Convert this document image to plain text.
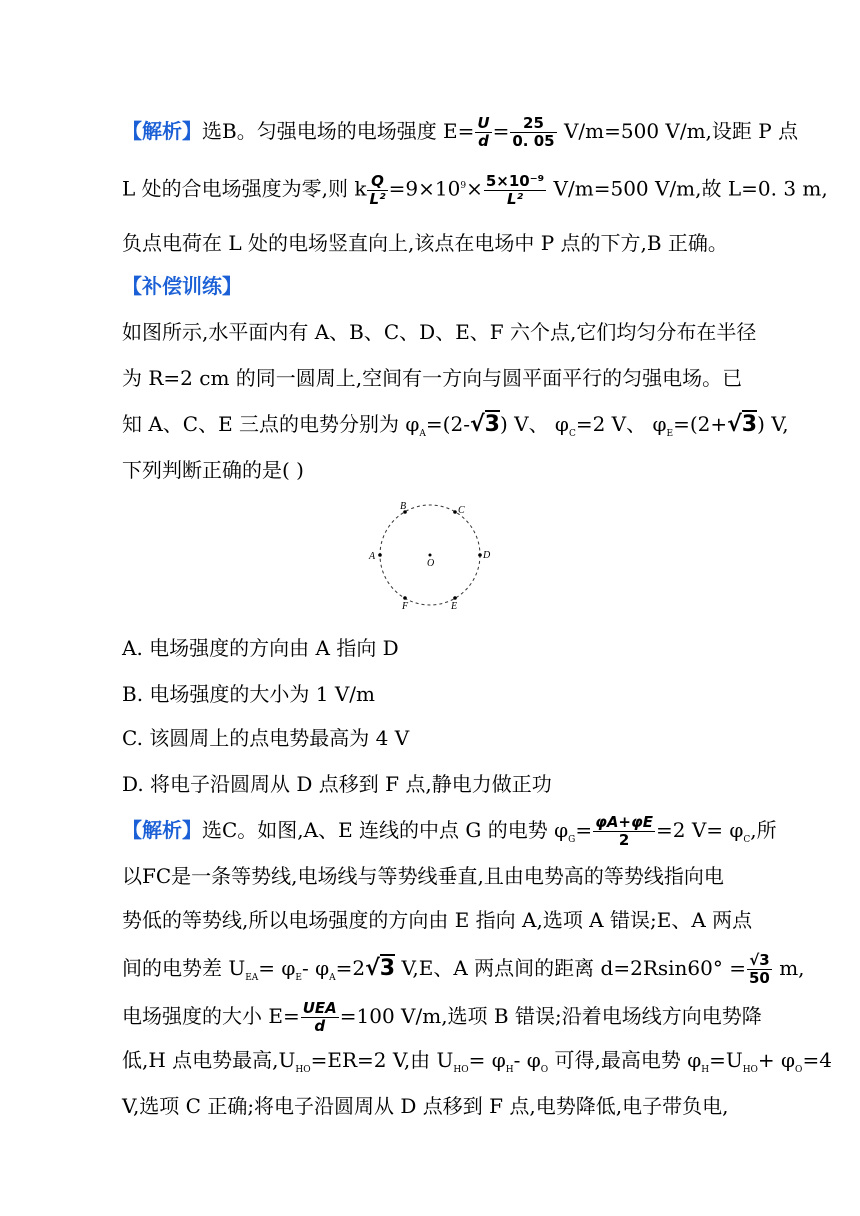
【解析】选B。匀强电场的电场强度 $E= \frac{U}{d} = \frac{25}{0. 05} V/m=500$ V/m,设距 P 点
L 处的合电场强度为零,则 k $\frac{Q}{\text{L²}} =9\times 10^9\times \frac{\text{5×10⁻⁹}}{\text{L²}} V/m=500$ V/m,故 L=0. 3 m,
负点电荷在 L 处的电场竖直向上,该点在电场中 P 点的下方,B 正确。
【补偿训练】
如图所示,水平面内有 A、B、C、D、E、F 六个点,它们均匀分布在半径
为 R=2 cm 的同一圆周上,空间有一方向与圆平面平行的匀强电场。已
知 A、C、E 三点的电势分别为 $\varphi_A=(2-√3)$ V、 $\varphi_C=2$ V、 $\varphi_E=(2+√3)$ V,
下列判断正确的是( )
A
B	C
D
E
F
O
A. 电场强度的方向由 A 指向 D
B. 电场强度的大小为 1 V/m
C. 该圆周上的点电势最高为 4 V
D. 将电子沿圆周从 D 点移到 F 点,静电力做正功
【解析】选C。如图,A、E 连线的中点 G 的电势 $\varphi_G= \frac{\varphi A+\varphi E}{2} =2$ $V= \varphi_C$,所
以FC是一条等势线,电场线与等势线垂直,且由电势高的等势线指向电
势低的等势线,所以电场强度的方向由 E 指向 A,选项 A 错误;E、A 两点
间的电势差 $U_{EA}= \varphi_E-$ $\varphi_A=2√3$ V,E、A 两点间的距离 $d=2Rsin60^\circ = \frac{√3}{50} m$,
电场强度的大小 $E= \frac{\text{UEA}}{d} =100$ V/m,选项 B 错误;沿着电场线方向电势降
低,H 点电势最高$,U_{HO}=ER=2$ V,由 $U_{HO}= \varphi_H-$ $\varphi_O$ 可得,最高电势 $\varphi_H=U_{HO}+ \varphi_O=4$
V,选项 C 正确;将电子沿圆周从 D 点移到 F 点,电势降低,电子带负电,
